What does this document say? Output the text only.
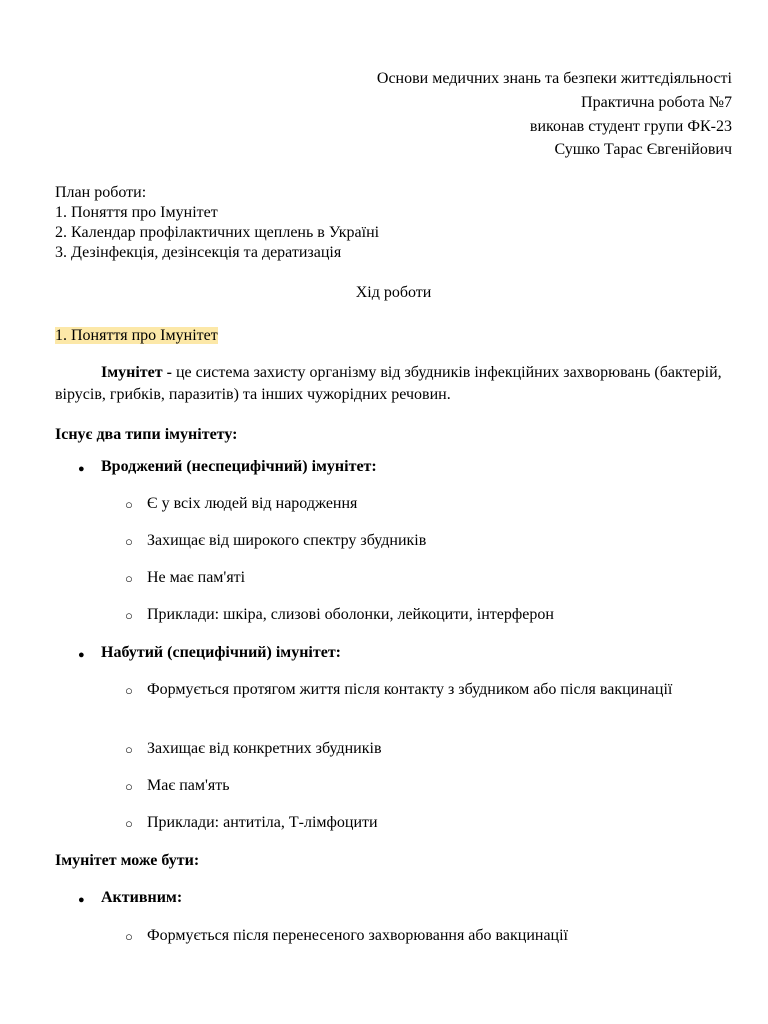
Основи медичних знань та безпеки життєдіяльності
Практична робота №7
виконав студент групи ФК-23
Сушко Тарас Євгенійович
План роботи:
1. Поняття про Імунітет
2. Календар профілактичних щеплень в Україні
3. Дезінфекція, дезінсекція та дератизація
Хід роботи
1. Поняття про Імунітет
Імунітет - це система захисту організму від збудників інфекційних захворювань (бактерій, вірусів, грибків, паразитів) та інших чужорідних речовин.
Існує два типи імунітету:
● Вроджений (неспецифічний) імунітет:
○ Є у всіх людей від народження
○ Захищає від широкого спектру збудників
○ Не має пам'яті
○ Приклади: шкіра, слизові оболонки, лейкоцити, інтерферон
● Набутий (специфічний) імунітет:
○ Формується протягом життя після контакту з збудником або після вакцинації
○ Захищає від конкретних збудників
○ Має пам'ять
○ Приклади: антитіла, Т-лімфоцити
Імунітет може бути:
● Активним:
○ Формується після перенесеного захворювання або вакцинації
